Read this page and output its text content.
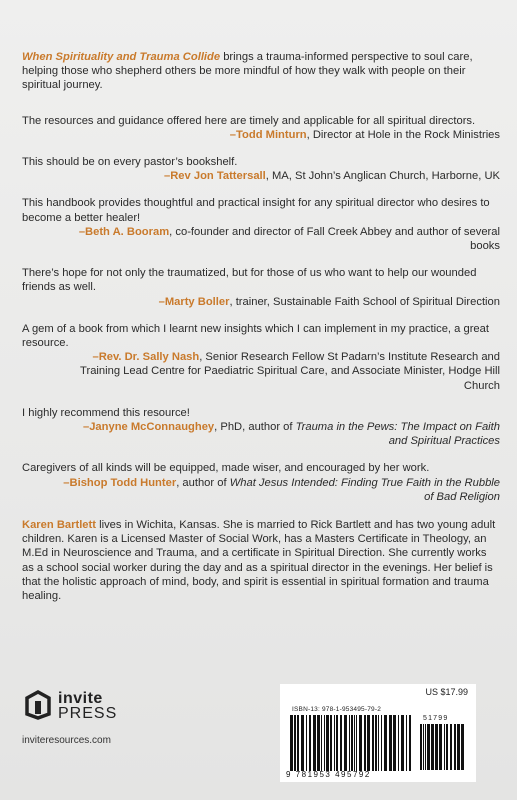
When Spirituality and Trauma Collide brings a trauma-informed perspective to soul care, helping those who shepherd others be more mindful of how they walk with people on their spiritual journey.

The resources and guidance offered here are timely and applicable for all spiritual directors.
–Todd Minturn, Director at Hole in the Rock Ministries
This should be on every pastor’s bookshelf.
–Rev Jon Tattersall, MA, St John’s Anglican Church, Harborne, UK
This handbook provides thoughtful and practical insight for any spiritual director who desires to become a better healer!
–Beth A. Booram, co-founder and director of Fall Creek Abbey and author of several books
There’s hope for not only the traumatized, but for those of us who want to help our wounded friends as well.
–Marty Boller, trainer, Sustainable Faith School of Spiritual Direction
A gem of a book from which I learnt new insights which I can implement in my practice, a great resource.
–Rev. Dr. Sally Nash, Senior Research Fellow St Padarn’s Institute Research and Training Lead Centre for Paediatric Spiritual Care, and Associate Minister, Hodge Hill Church
I highly recommend this resource!
–Janyne McConnaughey, PhD, author of Trauma in the Pews: The Impact on Faith and Spiritual Practices
Caregivers of all kinds will be equipped, made wiser, and encouraged by her work.
–Bishop Todd Hunter, author of What Jesus Intended: Finding True Faith in the Rubble of Bad Religion

Karen Bartlett lives in Wichita, Kansas. She is married to Rick Bartlett and has two young adult children. Karen is a Licensed Master of Social Work, has a Masters Certificate in Theology, an M.Ed in Neuroscience and Trauma, and a certificate in Spiritual Direction. She currently works as a school social worker during the day and as a spiritual director in the evenings. Her belief is that the holistic approach of mind, body, and spirit is essential in spiritual formation and trauma healing.

invite
PRESS
inviteresources.com
US $17.99
ISBN-13: 978-1-953495-79-2
51799
9 781953 495792
